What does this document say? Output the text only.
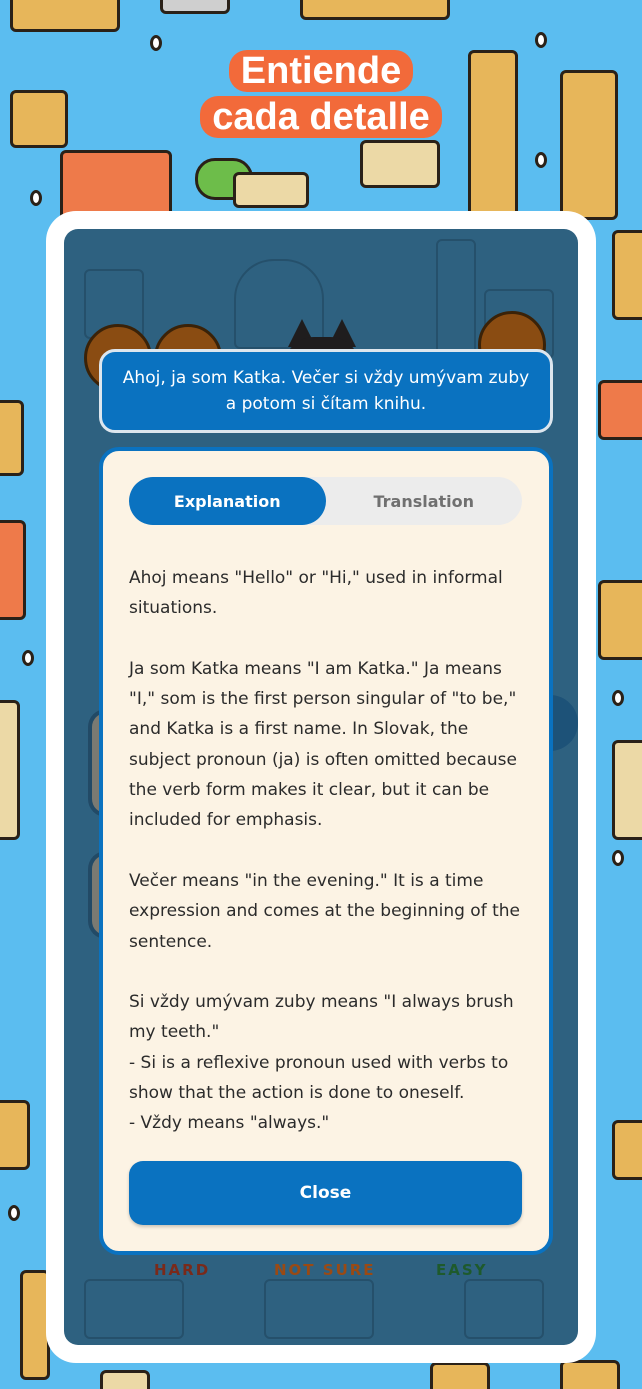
Entiende
cada detalle
Ahoj, ja som Katka. Večer si vždy umývam zuby a potom si čítam knihu.
Explanation	Translation

Ahoj means "Hello" or "Hi," used in informal situations.

Ja som Katka means "I am Katka." Ja means "I," som is the first person singular of "to be," and Katka is a first name. In Slovak, the subject pronoun (ja) is often omitted because the verb form makes it clear, but it can be included for emphasis.

Večer means "in the evening." It is a time expression and comes at the beginning of the sentence.

Si vždy umývam zuby means "I always brush my teeth."
- Si is a reflexive pronoun used with verbs to show that the action is done to oneself.
- Vždy means "always."

Close
HARD	NOT SURE	EASY
